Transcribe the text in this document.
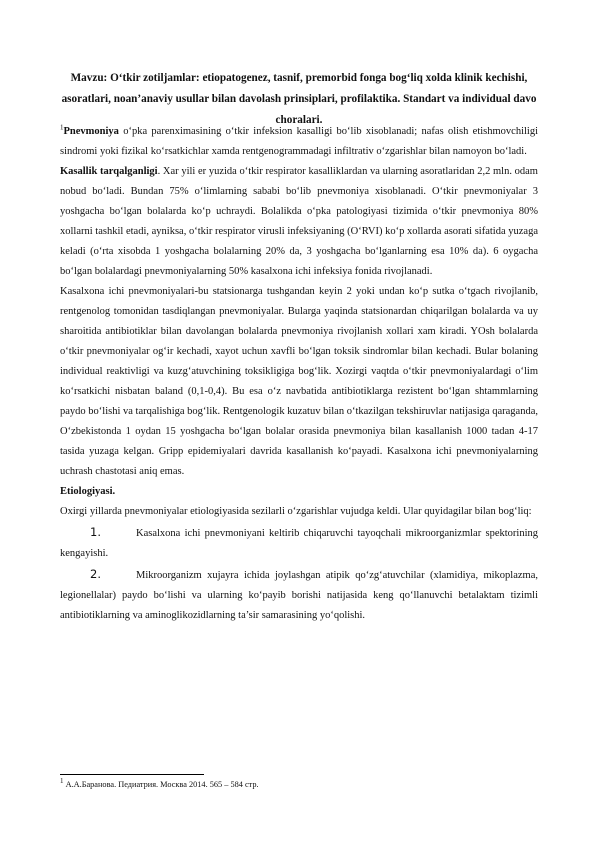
Mavzu: O‘tkir zotiljamlar: etiopatogenez, tasnif, premorbid fonga bog‘liq xolda klinik kechishi, asoratlari, noan’anaviy usullar bilan davolash prinsiplari, profilaktika. Standart va individual davo choralari.

$^1$Pnevmoniya o‘pka parenximasining o‘tkir infeksion kasalligi bo‘lib xisoblanadi; nafas olish etishmovchiligi sindromi yoki fizikal ko‘rsatkichlar xamda rentgenogrammadagi infiltrativ o‘zgarishlar bilan namoyon bo‘ladi.

Kasallik tarqalganligi. Xar yili er yuzida o‘tkir respirator kasalliklardan va ularning asoratlaridan 2,2 mln. odam nobud bo‘ladi. Bundan 75% o‘limlarning sababi bo‘lib pnevmoniya xisoblanadi. O‘tkir pnevmoniyalar 3 yoshgacha bo‘lgan bolalarda ko‘p uchraydi. Bolalikda o‘pka patologiyasi tizimida o‘tkir pnevmoniya 80% xollarni tashkil etadi, ayniksa, o‘tkir respirator virusli infeksiyaning (O‘RVI) ko‘p xollarda asorati sifatida yuzaga keladi (o‘rta xisobda 1 yoshgacha bolalarning 20% da, 3 yoshgacha bo‘lganlarning esa 10% da). 6 oygacha bo‘lgan bolalardagi pnevmoniyalarning 50% kasalxona ichi infeksiya fonida rivojlanadi.

Kasalxona ichi pnevmoniyalari-bu statsionarga tushgandan keyin 2 yoki undan ko‘p sutka o‘tgach rivojlanib, rentgenolog tomonidan tasdiqlangan pnevmoniyalar. Bularga yaqinda statsionardan chiqarilgan bolalarda va uy sharoitida antibiotiklar bilan davolangan bolalarda pnevmoniya rivojlanish xollari xam kiradi. YOsh bolalarda o‘tkir pnevmoniyalar og‘ir kechadi, xayot uchun xavfli bo‘lgan toksik sindromlar bilan kechadi. Bular bolaning individual reaktivligi va kuzg‘atuvchining toksikligiga bog‘lik. Xozirgi vaqtda o‘tkir pnevmoniyalardagi o‘lim ko‘rsatkichi nisbatan baland (0,1-0,4). Bu esa o‘z navbatida antibiotiklarga rezistent bo‘lgan shtammlarning paydo bo‘lishi va tarqalishiga bog‘lik. Rentgenologik kuzatuv bilan o‘tkazilgan tekshiruvlar natijasiga qaraganda, O‘zbekistonda 1 oydan 15 yoshgacha bo‘lgan bolalar orasida pnevmoniya bilan kasallanish 1000 tadan 4-17 tasida yuzaga kelgan. Gripp epidemiyalari davrida kasallanish ko‘payadi. Kasalxona ichi pnevmoniyalarning uchrash chastotasi aniq emas.

Etiologiyasi.

Oxirgi yillarda pnevmoniyalar etiologiyasida sezilarli o‘zgarishlar vujudga keldi. Ular quyidagilar bilan bog‘liq:

1.	Kasalxona ichi pnevmoniyani keltirib chiqaruvchi tayoqchali mikroorganizmlar spektorining kengayishi.

2.	Mikroorganizm xujayra ichida joylashgan atipik qo‘zg‘atuvchilar (xlamidiya, mikoplazma, legionellalar) paydo bo‘lishi va ularning ko‘payib borishi natijasida keng qo‘llanuvchi betalaktam tizimli antibiotiklarning va aminoglikozidlarning ta’sir samarasining yo‘qolishi.

$^1$ А.А.Баранова. Педиатрия. Москва 2014. 565 – 584 стр.
